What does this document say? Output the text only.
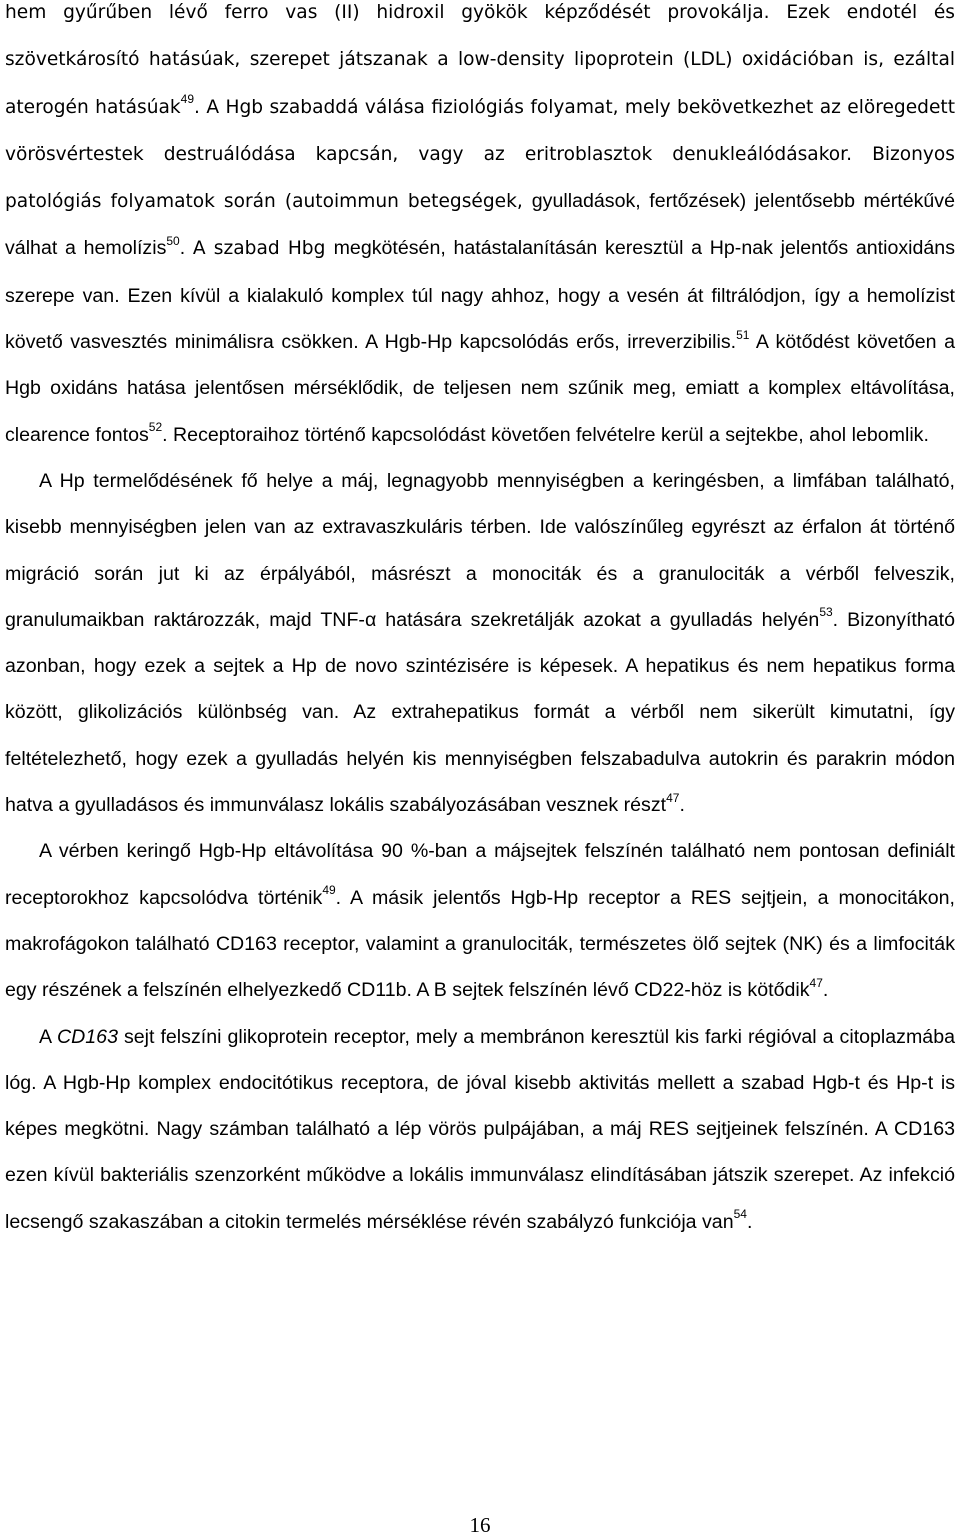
hem gyűrűben lévő ferro vas (II) hidroxil gyökök képződését provokálja. Ezek endotél és szövetkárosító hatásúak, szerepet játszanak a low-density lipoprotein (LDL) oxidációban is, ezáltal aterogén hatásúak$^{49}$. A Hgb szabaddá válása fiziológiás folyamat, mely bekövetkezhet az elöregedett vörösvértestek destruálódása kapcsán, vagy az eritroblasztok denukleálódásakor. Bizonyos patológiás folyamatok során (autoimmun betegségek, gyulladások, fertőzések) jelentősebb mértékűvé válhat a hemolízis$^{50}$. A szabad Hbg megkötésén, hatástalanításán keresztül a Hp-nak jelentős antioxidáns szerepe van. Ezen kívül a kialakuló komplex túl nagy ahhoz, hogy a vesén át filtrálódjon, így a hemolízist követő vasvesztés minimálisra csökken. A Hgb-Hp kapcsolódás erős, irreverzibilis.$^{51}$ A kötődést követően a Hgb oxidáns hatása jelentősen mérséklődik, de teljesen nem szűnik meg, emiatt a komplex eltávolítása, clearence fontos$^{52}$. Receptoraihoz történő kapcsolódást követően felvételre kerül a sejtekbe, ahol lebomlik.

A Hp termelődésének fő helye a máj, legnagyobb mennyiségben a keringésben, a limfában található, kisebb mennyiségben jelen van az extravaszkuláris térben. Ide valószínűleg egyrészt az érfalon át történő migráció során jut ki az érpályából, másrészt a monociták és a granulociták a vérből felveszik, granulumaikban raktározzák, majd TNF-α hatására szekretálják azokat a gyulladás helyén$^{53}$. Bizonyítható azonban, hogy ezek a sejtek a Hp de novo szintézisére is képesek. A hepatikus és nem hepatikus forma között, glikolizációs különbség van. Az extrahepatikus formát a vérből nem sikerült kimutatni, így feltételezhető, hogy ezek a gyulladás helyén kis mennyiségben felszabadulva autokrin és parakrin módon hatva a gyulladásos és immunválasz lokális szabályozásában vesznek részt$^{47}$.

A vérben keringő Hgb-Hp eltávolítása 90 %-ban a májsejtek felszínén található nem pontosan definiált receptorokhoz kapcsolódva történik$^{49}$. A másik jelentős Hgb-Hp receptor a RES sejtjein, a monocitákon, makrofágokon található CD163 receptor, valamint a granulociták, természetes ölő sejtek (NK) és a limfociták egy részének a felszínén elhelyezkedő CD11b. A B sejtek felszínén lévő CD22-höz is kötődik$^{47}$.

A CD163 sejt felszíni glikoprotein receptor, mely a membránon keresztül kis farki régióval a citoplazmába lóg. A Hgb-Hp komplex endocitótikus receptora, de jóval kisebb aktivitás mellett a szabad Hgb-t és Hp-t is képes megkötni. Nagy számban található a lép vörös pulpájában, a máj RES sejtjeinek felszínén. A CD163 ezen kívül bakteriális szenzorként működve a lokális immunválasz elindításában játszik szerepet. Az infekció lecsengő szakaszában a citokin termelés mérséklése révén szabályzó funkciója van$^{54}$.

16
